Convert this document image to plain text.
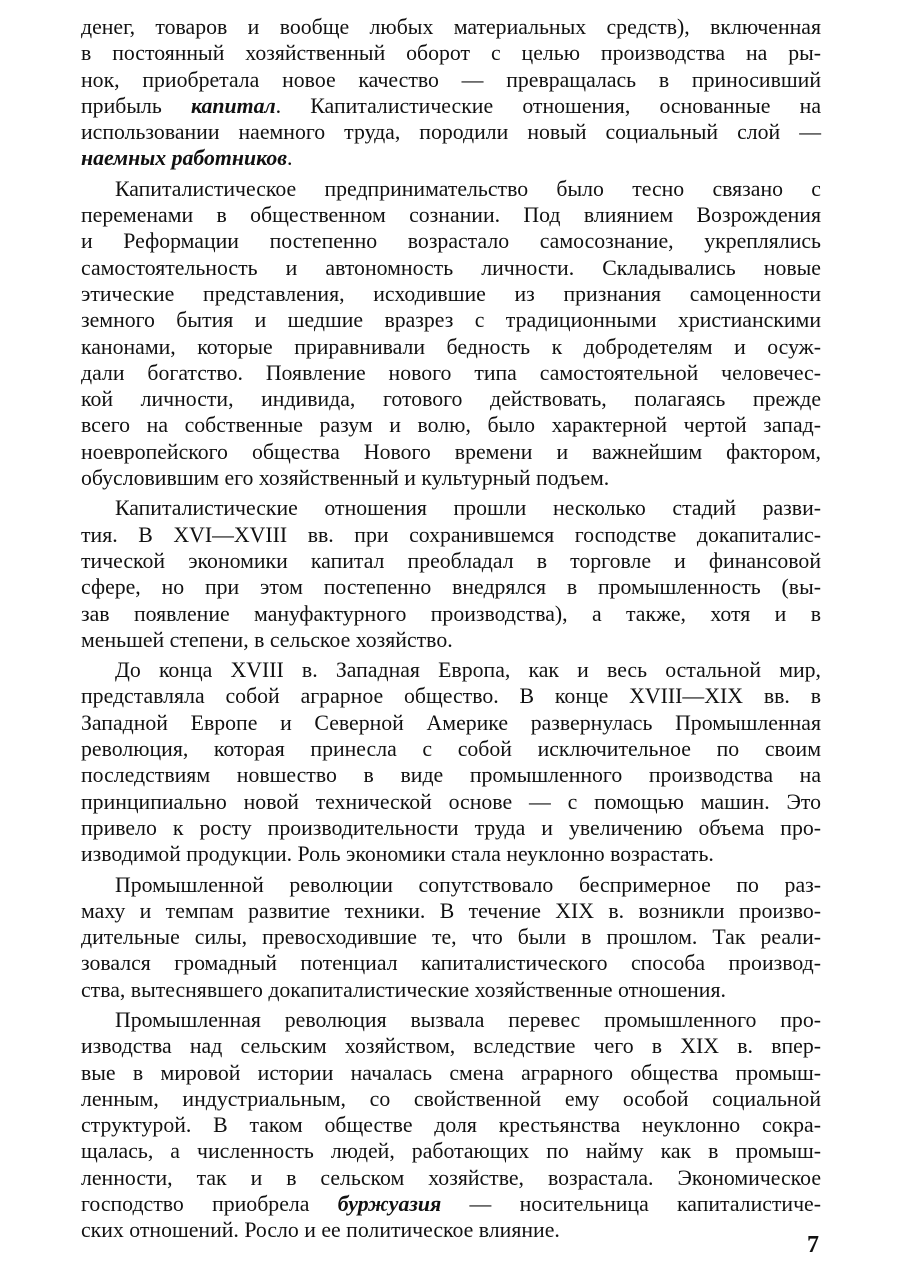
денег, товаров и вообще любых материальных средств), включенная
в постоянный хозяйственный оборот с целью производства на ры-
нок, приобретала новое качество — превращалась в приносивший
прибыль капитал. Капиталистические отношения, основанные на
использовании наемного труда, породили новый социальный слой —
наемных работников.
Капиталистическое предпринимательство было тесно связано с
переменами в общественном сознании. Под влиянием Возрождения
и Реформации постепенно возрастало самосознание, укреплялись
самостоятельность и автономность личности. Складывались новые
этические представления, исходившие из признания самоценности
земного бытия и шедшие вразрез с традиционными христианскими
канонами, которые приравнивали бедность к добродетелям и осуж-
дали богатство. Появление нового типа самостоятельной человечес-
кой личности, индивида, готового действовать, полагаясь прежде
всего на собственные разум и волю, было характерной чертой запад-
ноевропейского общества Нового времени и важнейшим фактором,
обусловившим его хозяйственный и культурный подъем.
Капиталистические отношения прошли несколько стадий разви-
тия. В XVI—XVIII вв. при сохранившемся господстве докапиталис-
тической экономики капитал преобладал в торговле и финансовой
сфере, но при этом постепенно внедрялся в промышленность (вы-
зав появление мануфактурного производства), а также, хотя и в
меньшей степени, в сельское хозяйство.
До конца XVIII в. Западная Европа, как и весь остальной мир,
представляла собой аграрное общество. В конце XVIII—XIX вв. в
Западной Европе и Северной Америке развернулась Промышленная
революция, которая принесла с собой исключительное по своим
последствиям новшество в виде промышленного производства на
принципиально новой технической основе — с помощью машин. Это
привело к росту производительности труда и увеличению объема про-
изводимой продукции. Роль экономики стала неуклонно возрастать.
Промышленной революции сопутствовало беспримерное по раз-
маху и темпам развитие техники. В течение XIX в. возникли произво-
дительные силы, превосходившие те, что были в прошлом. Так реали-
зовался громадный потенциал капиталистического способа производ-
ства, вытеснявшего докапиталистические хозяйственные отношения.
Промышленная революция вызвала перевес промышленного про-
изводства над сельским хозяйством, вследствие чего в XIX в. впер-
вые в мировой истории началась смена аграрного общества промыш-
ленным, индустриальным, со свойственной ему особой социальной
структурой. В таком обществе доля крестьянства неуклонно сокра-
щалась, а численность людей, работающих по найму как в промыш-
ленности, так и в сельском хозяйстве, возрастала. Экономическое
господство приобрела буржуазия — носительница капиталистиче-
ских отношений. Росло и ее политическое влияние.
7
